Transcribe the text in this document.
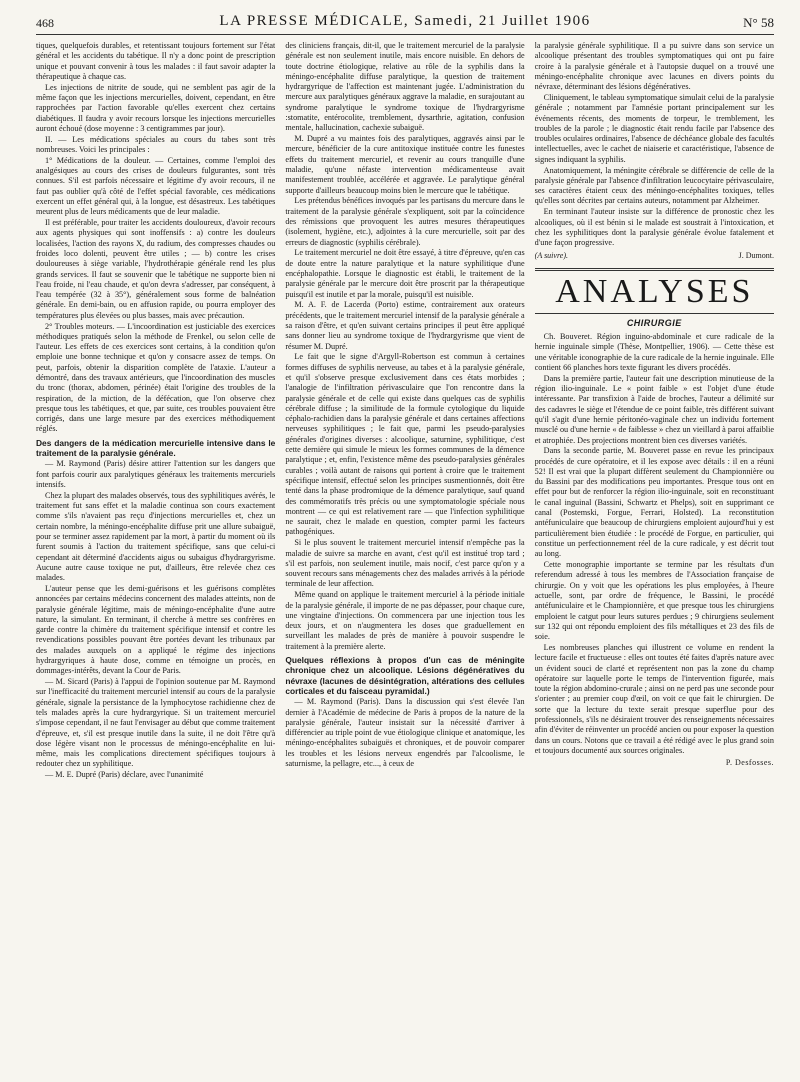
468	LA PRESSE MÉDICALE, Samedi, 21 Juillet 1906	N° 58

tiques, quelquefois durables, et retentissant toujours fortement sur l'état général et les accidents du tabétique. Il n'y a donc point de prescription unique et pouvant convenir à tous les malades : il faut savoir adapter la thérapeutique à chaque cas.

Les injections de nitrite de soude, qui ne semblent pas agir de la même façon que les injections mercurielles, doivent, cependant, en être rapprochées par l'action favorable qu'elles exercent chez certains diabétiques. Il faudra y avoir recours lorsque les injections mercurielles auront échoué (dose moyenne : 3 centigrammes par jour).

II. — Les médications spéciales au cours du tabes sont très nombreuses. Voici les principales :

1° Médications de la douleur. — Certaines, comme l'emploi des analgésiques au cours des crises de douleurs fulgurantes, sont très connues. S'il est parfois nécessaire et légitime d'y avoir recours, il ne faut pas oublier qu'à côté de l'effet spécial favorable, ces médications exercent un effet général qui, à la longue, est désastreux. Les tabétiques meurent plus de leurs médicaments que de leur maladie.

Il est préférable, pour traiter les accidents douloureux, d'avoir recours aux agents physiques qui sont inoffensifs : a) contre les douleurs localisées, l'action des rayons X, du radium, des compresses chaudes ou froides loco dolenti, peuvent être utiles ; — b) contre les crises douloureuses à siège variable, l'hydrothérapie générale rend les plus grands services. Il faut se souvenir que le tabétique ne supporte bien ni l'eau froide, ni l'eau chaude, et qu'on devra s'adresser, par conséquent, à l'eau tempérée (32 à 35°), généralement sous forme de balnéation générale. En demi-bain, ou en affusion rapide, ou pourra employer des températures plus élevées ou plus basses, mais avec précaution.

2° Troubles moteurs. — L'incoordination est justiciable des exercices méthodiques pratiqués selon la méthode de Frenkel, ou selon celle de l'auteur. Les effets de ces exercices sont certains, à la condition qu'on emploie une bonne technique et qu'on y consacre assez de temps. On peut, parfois, obtenir la disparition complète de l'ataxie. L'auteur a démontré, dans des travaux antérieurs, que l'incoordination des muscles du tronc (thorax, abdomen, périnée) était l'origine des troubles de la respiration, de la miction, de la défécation, que l'on observe chez presque tous les tabétiques, et que, par suite, ces troubles pouvaient être corrigés, dans une large mesure par des exercices méthodiquement réglés.

Des dangers de la médication mercurielle intensive dans le traitement de la paralysie générale.

— M. Raymond (Paris) désire attirer l'attention sur les dangers que font parfois courir aux paralytiques généraux les traitements mercuriels intensifs.

Chez la plupart des malades observés, tous des syphilitiques avérés, le traitement fut sans effet et la maladie continua son cours exactement comme s'ils n'avaient pas reçu d'injections mercurielles et, chez un certain nombre, la méningo-encéphalite diffuse prit une allure subaiguë, pour se terminer assez rapidement par la mort, à partir du moment où ils furent soumis à l'action du traitement spécifique, sans que celui-ci cependant ait déterminé d'accidents aigus ou subaigus d'hydrargyrisme. Aucune autre cause toxique ne put, d'ailleurs, être relevée chez ces malades.

L'auteur pense que les demi-guérisons et les guérisons complètes annoncées par certains médecins concernent des malades atteints, non de paralysie générale légitime, mais de méningo-encéphalite d'une autre nature, la simulant. En terminant, il cherche à mettre ses confrères en garde contre la chimère du traitement spécifique intensif et contre les revendications possibles pouvant être portées devant les tribunaux par des malades auxquels on a appliqué le régime des injections hydrargyriques à haute dose, comme en témoigne un procès, en dommages-intérêts, devant la Cour de Paris.

— M. Sicard (Paris) à l'appui de l'opinion soutenue par M. Raymond sur l'inefficacité du traitement mercuriel intensif au cours de la paralysie générale, signale la persistance de la lymphocytose rachidienne chez de tels malades après la cure hydrargyrique. Si un traitement mercuriel s'impose cependant, il ne faut l'envisager au début que comme traitement d'épreuve, et, s'il est presque inutile dans la suite, il ne doit l'être qu'à dose légère visant non le processus de méningo-encéphalite en lui-même, mais les complications directement spécifiques toujours à redouter chez un syphilitique.

— M. E. Dupré (Paris) déclare, avec l'unanimité

des cliniciens français, dit-il, que le traitement mercuriel de la paralysie générale est non seulement inutile, mais encore nuisible. En dehors de toute doctrine étiologique, relative au rôle de la syphilis dans la méningo-encéphalite diffuse paralytique, la question de traitement hydrargyrique de l'affection est maintenant jugée. L'administration du mercure aux paralytiques généraux aggrave la maladie, en surajoutant au syndrome paralytique le syndrome toxique de l'hydrargyrisme :stomatite, entérocolite, tremblement, dysarthrie, agitation, confusion mentale, hallucination, cachexie subaiguë.

M. Dupré a vu maintes fois des paralytiques, aggravés ainsi par le mercure, bénéficier de la cure antitoxique instituée contre les funestes effets du traitement mercuriel, et revenir au cours tranquille d'une maladie, qu'une néfaste intervention médicamenteuse avait manifestement troublée, accélérée et aggravée. Le paralytique général supporte d'ailleurs beaucoup moins bien le mercure que le tabétique.

Les prétendus bénéfices invoqués par les partisans du mercure dans le traitement de la paralysie générale s'expliquent, soit par la coïncidence des rémissions que provoquent les autres mesures thérapeutiques (isolement, hygiène, etc.), adjointes à la cure mercurielle, soit par des erreurs de diagnostic (syphilis cérébrale).

Le traitement mercuriel ne doit être essayé, à titre d'épreuve, qu'en cas de doute entre la nature paralytique et la nature syphilitique d'une encéphalopathie. Lorsque le diagnostic est établi, le traitement de la paralysie générale par le mercure doit être proscrit par la thérapeutique puisqu'il est inutile et par la morale, puisqu'il est nuisible.

M. A. F. de Lacerda (Porto) estime, contrairement aux orateurs précédents, que le traitement mercuriel intensif de la paralysie générale a sa raison d'être, et qu'en suivant certains principes il peut être appliqué sans donner lieu au syndrome toxique de l'hydrargyrisme que vient de résumer M. Dupré.

Le fait que le signe d'Argyll-Robertson est commun à certaines formes diffuses de syphilis nerveuse, au tabes et à la paralysie générale, et qu'il s'observe presque exclusivement dans ces états morbides ; l'analogie de l'infiltration périvasculaire que l'on rencontre dans la paralysie générale et de celle qui existe dans quelques cas de syphilis cérébrale diffuse ; la similitude de la formule cytologique du liquide céphalo-rachidien dans la paralysie générale et dans certaines affections nerveuses syphilitiques ; le fait que, parmi les pseudo-paralysies générales d'origines diverses : alcoolique, saturnine, syphilitique, c'est cette dernière qui simule le mieux les formes communes de la démence paralytique ; et, enfin, l'existence même des pseudo-paralysies générales curables ; voilà autant de raisons qui portent à croire que le traitement spécifique intensif, effectué selon les principes susmentionnés, doit être tenté dans la phase prodromique de la démence paralytique, sauf quand des commémoratifs très précis ou une symptomatologie spéciale nous montrent — ce qui est relativement rare — que l'infection syphilitique ne saurait, chez le malade en question, compter parmi les facteurs pathogéniques.

Si le plus souvent le traitement mercuriel intensif n'empêche pas la maladie de suivre sa marche en avant, c'est qu'il est institué trop tard ; s'il est parfois, non seulement inutile, mais nocif, c'est parce qu'on y a souvent recours sans ménagements chez des malades arrivés à la période terminale de leur affection.

Même quand on applique le traitement mercuriel à la période initiale de la paralysie générale, il importe de ne pas dépasser, pour chaque cure, une vingtaine d'injections. On commencera par une injection tous les deux jours, et on n'augmentera les doses que graduellement en surveillant les malades de près de manière à pouvoir suspendre le traitement à la première alerte.

Quelques réflexions à propos d'un cas de méningite chronique chez un alcoolique. Lésions dégénératives du névraxe (lacunes de désintégration, altérations des cellules corticales et du faisceau pyramidal.)

— M. Raymond (Paris). Dans la discussion qui s'est élevée l'an dernier à l'Académie de médecine de Paris à propos de la nature de la paralysie générale, l'auteur insistait sur la nécessité d'arriver à différencier au triple point de vue étiologique clinique et anatomique, les méningo-encéphalites subaiguës et chroniques, et de pouvoir comparer les troubles et les lésions nerveux engendrés par l'alcoolisme, le saturnisme, la pellagre, etc..., à ceux de

la paralysie générale syphilitique. Il a pu suivre dans son service un alcoolique présentant des troubles symptomatiques qui ont pu faire croire à la paralysie générale et à l'autopsie duquel on a trouvé une méningo-encéphalite chronique avec lacunes en divers points du névraxe, déterminant des lésions dégénératives.

Cliniquement, le tableau symptomatique simulait celui de la paralysie générale ; notamment par l'amnésie portant principalement sur les événements récents, des moments de torpeur, le tremblement, les troubles de la parole ; le diagnostic était rendu facile par l'absence des troubles oculaires ordinaires, l'absence de déchéance globale des facultés intellectuelles, avec le cachet de niaiserie et caractéristique, l'absence de signes indiquant la syphilis.

Anatomiquement, la méningite cérébrale se différencie de celle de la paralysie générale par l'absence d'infiltration leucocytaire périvasculaire, ses caractères étaient ceux des méningo-encéphalites toxiques, telles qu'elles sont décrites par certains auteurs, notamment par Alzheimer.

En terminant l'auteur insiste sur la différence de pronostic chez les alcooliques, où il est bénin si le malade est soustrait à l'intoxication, et chez les syphilitiques dont la paralysie générale évolue fatalement et d'une façon progressive.

(A suivre).	J. Dumont.
ANALYSES
CHIRURGIE

Ch. Bouveret. Région inguino-abdominale et cure radicale de la hernie inguinale simple (Thèse, Montpellier, 1906). — Cette thèse est une véritable iconographie de la cure radicale de la hernie inguinale. Elle contient 66 planches hors texte figurant les divers procédés.

Dans la première partie, l'auteur fait une description minutieuse de la région ilio-inguinale. Le « point faible » est l'objet d'une étude intéressante. Par transfixion à l'aide de broches, l'auteur a délimité sur des cadavres le siège et l'étendue de ce point faible, très différent suivant qu'il s'agit d'une hernie péritonéo-vaginale chez un individu fortement musclé ou d'une hernie « de faiblesse » chez un vieillard à paroi affaiblie et atrophiée. Des projections montrent bien ces diverses variétés.

Dans la seconde partie, M. Bouveret passe en revue les principaux procédés de cure opératoire, et il les expose avec détails : il en a réuni 52! Il est vrai que la plupart diffèrent seulement du Championnière ou du Bassini par des modifications peu importantes. Presque tous ont en effet pour but de renforcer la région ilio-inguinale, soit en reconstituant le canal inguinal (Bassini, Schwartz et Phelps), soit en supprimant ce canal (Postemski, Forgue, Ferrari, Holsted). La reconstitution antéfuniculaire que beaucoup de chirurgiens emploient aujourd'hui y est particulièrement bien étudiée : le procédé de Forgue, en particulier, qui constitue un perfectionnement réel de la cure radicale, y est décrit tout au long.

Cette monographie importante se termine par les résultats d'un referendum adressé à tous les membres de l'Association française de chirurgie. On y voit que les opérations les plus employées, à l'heure actuelle, sont, par ordre de fréquence, le Bassini, le procédé antéfuniculaire et le Championnière, et que presque tous les chirurgiens emploient le catgut pour leurs sutures perdues ; 9 chirurgiens seulement sur 132 qui ont répondu emploient des fils métalliques et 23 des fils de soie.

Les nombreuses planches qui illustrent ce volume en rendent la lecture facile et fructueuse : elles ont toutes été faites d'après nature avec un évident souci de clarté et représentent non pas la zone du champ opératoire sur laquelle porte le temps de l'intervention figurée, mais toute la région abdomino-crurale ; ainsi on ne perd pas une seconde pour s'orienter ; au premier coup d'œil, on voit ce que fait le chirurgien. De sorte que la lecture du texte serait presque superflue pour des professionnels, s'ils ne désiraient trouver des renseignements nécessaires afin d'éviter de réinventer un procédé ancien ou pour exposer la question dans un cours. Notons que ce travail a été rédigé avec le plus grand soin et toujours documenté aux sources originales.

P. Desfosses.
